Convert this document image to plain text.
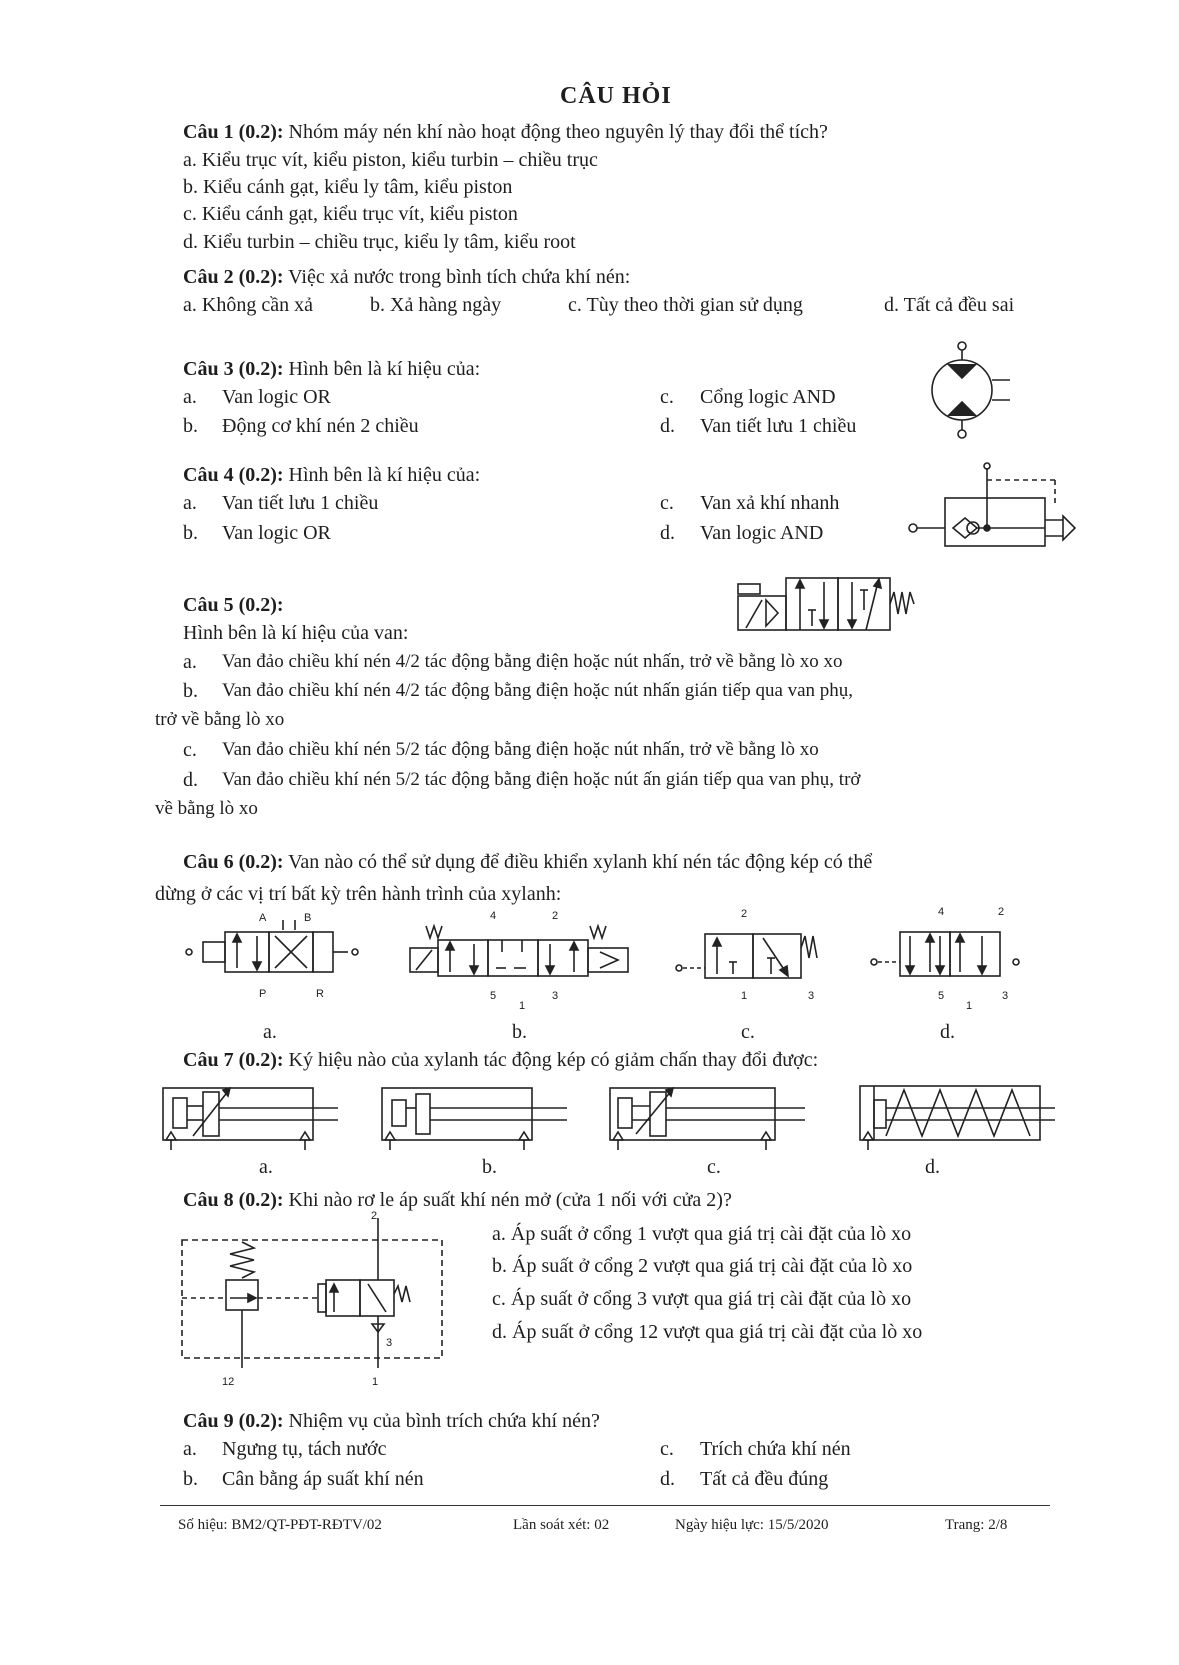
CÂU HỎI
Câu 1 (0.2): Nhóm máy nén khí nào hoạt động theo nguyên lý thay đổi thể tích?
a. Kiểu trục vít, kiểu piston, kiểu turbin – chiều trục
b. Kiểu cánh gạt, kiểu ly tâm, kiểu piston
c. Kiểu cánh gạt, kiểu trục vít, kiểu piston
d. Kiểu turbin – chiều trục, kiểu ly tâm, kiểu root
Câu 2 (0.2): Việc xả nước trong bình tích chứa khí nén:
a. Không cần xả	b. Xả hàng ngày	c. Tùy theo thời gian sử dụng	d. Tất cả đều sai
Câu 3 (0.2): Hình bên là kí hiệu của:
a. Van logic OR
b. Động cơ khí nén 2 chiều
c. Cổng logic AND
d. Van tiết lưu 1 chiều
Câu 4 (0.2): Hình bên là kí hiệu của:
a. Van tiết lưu 1 chiều
b. Van logic OR
c. Van xả khí nhanh
d. Van logic AND
Câu 5 (0.2):
Hình bên là kí hiệu của van:
a. Van đảo chiều khí nén 4/2 tác động bằng điện hoặc nút nhấn, trở về bằng lò xo xo
b. Van đảo chiều khí nén 4/2 tác động bằng điện hoặc nút nhấn gián tiếp qua van phụ,
trở về bằng lò xo
c. Van đảo chiều khí nén 5/2 tác động bằng điện hoặc nút nhấn, trở về bằng lò xo
d. Van đảo chiều khí nén 5/2 tác động bằng điện hoặc nút ấn gián tiếp qua van phụ, trở
về bằng lò xo
Câu 6 (0.2): Van nào có thể sử dụng để điều khiển xylanh khí nén tác động kép có thể
dừng ở các vị trí bất kỳ trên hành trình của xylanh:
A	B
P	R
4	2
5
1
3
2
1	3
4	2
5
1
3
a.	b.	c.	d.
Câu 7 (0.2): Ký hiệu nào của xylanh tác động kép có giảm chấn thay đổi được:
a.	b.	c.	d.
Câu 8 (0.2): Khi nào rơ le áp suất khí nén mở (cửa 1 nối với cửa 2)?
2
3
12	1
a. Áp suất ở cổng 1 vượt qua giá trị cài đặt của lò xo
b. Áp suất ở cổng 2 vượt qua giá trị cài đặt của lò xo
c. Áp suất ở cổng 3 vượt qua giá trị cài đặt của lò xo
d. Áp suất ở cổng 12 vượt qua giá trị cài đặt của lò xo
Câu 9 (0.2): Nhiệm vụ của bình trích chứa khí nén?
a. Ngưng tụ, tách nước
b. Cân bằng áp suất khí nén
c. Trích chứa khí nén
d. Tất cả đều đúng
Số hiệu: BM2/QT-PĐT-RĐTV/02	Lần soát xét: 02	Ngày hiệu lực: 15/5/2020	Trang: 2/8
